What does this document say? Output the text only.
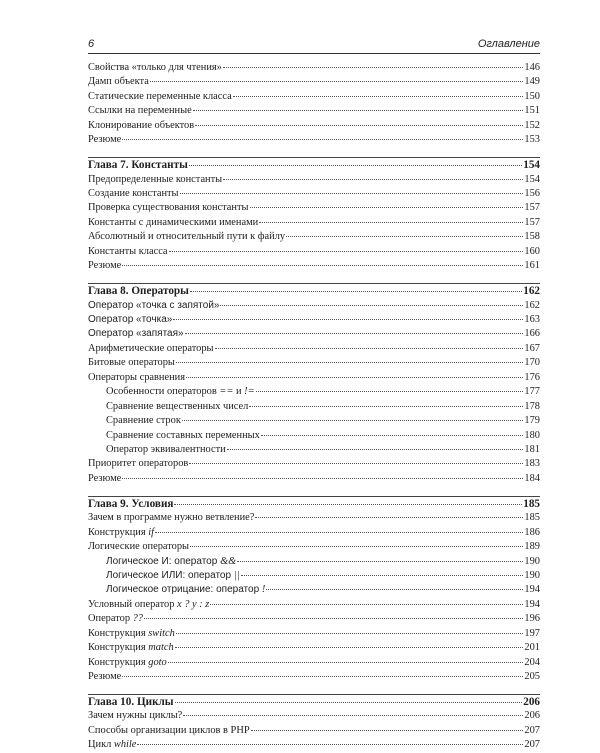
6	Оглавление
Свойства «только для чтения»	146
Дамп объекта	149
Статические переменные класса	150
Ссылки на переменные	151
Клонирование объектов	152
Резюме	153
Глава 7. Константы	154
Предопределенные константы	154
Создание константы	156
Проверка существования константы	157
Константы с динамическими именами	157
Абсолютный и относительный пути к файлу	158
Константы класса	160
Резюме	161
Глава 8. Операторы	162
Оператор «точка с запятой»	162
Оператор «точка»	163
Оператор «запятая»	166
Арифметические операторы	167
Битовые операторы	170
Операторы сравнения	176
Особенности операторов == и !=	177
Сравнение вещественных чисел	178
Сравнение строк	179
Сравнение составных переменных	180
Оператор эквивалентности	181
Приоритет операторов	183
Резюме	184
Глава 9. Условия	185
Зачем в программе нужно ветвление?	185
Конструкция if	186
Логические операторы	189
Логическое И: оператор &&	190
Логическое ИЛИ: оператор ||	190
Логическое отрицание: оператор !	194
Условный оператор x ? y : z	194
Оператор ??	196
Конструкция switch	197
Конструкция match	201
Конструкция goto	204
Резюме	205
Глава 10. Циклы	206
Зачем нужны циклы?	206
Способы организации циклов в PHP	207
Цикл while	207
